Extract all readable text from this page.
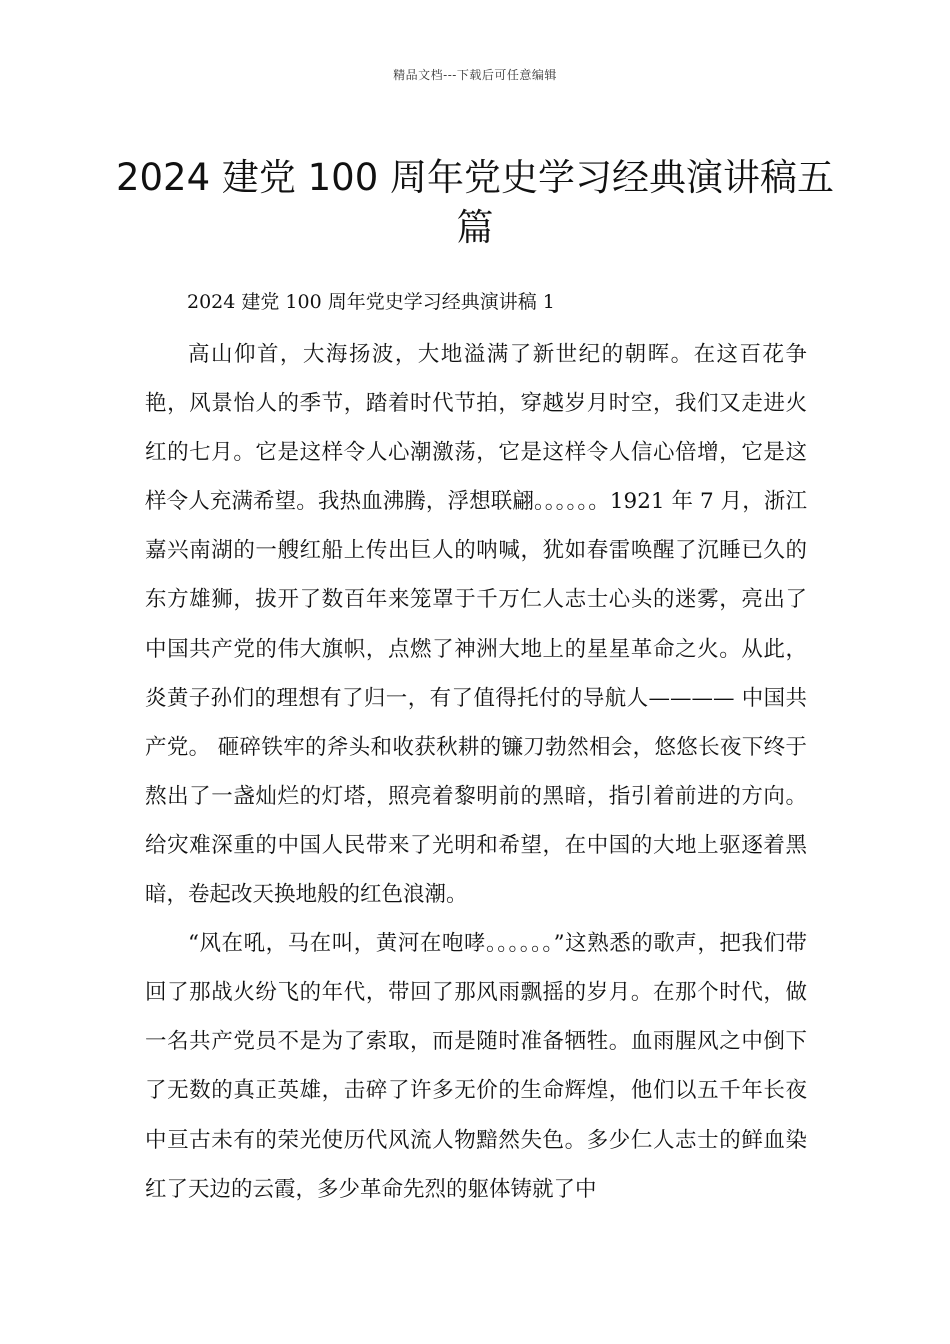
精品文档---下载后可任意编辑
2024 建党 100 周年党史学习经典演讲稿五篇
2024 建党 100 周年党史学习经典演讲稿 1

高山仰首，大海扬波，大地溢满了新世纪的朝晖。在这百花争艳，风景怡人的季节，踏着时代节拍，穿越岁月时空，我们又走进火红的七月。它是这样令人心潮激荡，它是这样令人信心倍增，它是这样令人充满希望。我热血沸腾，浮想联翩。。。。。。1921 年 7 月，浙江嘉兴南湖的一艘红船上传出巨人的呐喊，犹如春雷唤醒了沉睡已久的东方雄狮，拔开了数百年来笼罩于千万仁人志士心头的迷雾，亮出了中国共产党的伟大旗帜，点燃了神洲大地上的星星革命之火。从此，炎黄子孙们的理想有了归一，有了值得托付的导航人———— 中国共产党。 砸碎铁牢的斧头和收获秋耕的镰刀勃然相会，悠悠长夜下终于熬出了一盏灿烂的灯塔，照亮着黎明前的黑暗，指引着前进的方向。给灾难深重的中国人民带来了光明和希望，在中国的大地上驱逐着黑暗，卷起改天换地般的红色浪潮。

“风在吼，马在叫，黄河在咆哮。。。。。。”这熟悉的歌声，把我们带回了那战火纷飞的年代，带回了那风雨飘摇的岁月。在那个时代，做一名共产党员不是为了索取，而是随时准备牺牲。血雨腥风之中倒下了无数的真正英雄，击碎了许多无价的生命辉煌，他们以五千年长夜中亘古未有的荣光使历代风流人物黯然失色。多少仁人志士的鲜血染红了天边的云霞，多少革命先烈的躯体铸就了中
